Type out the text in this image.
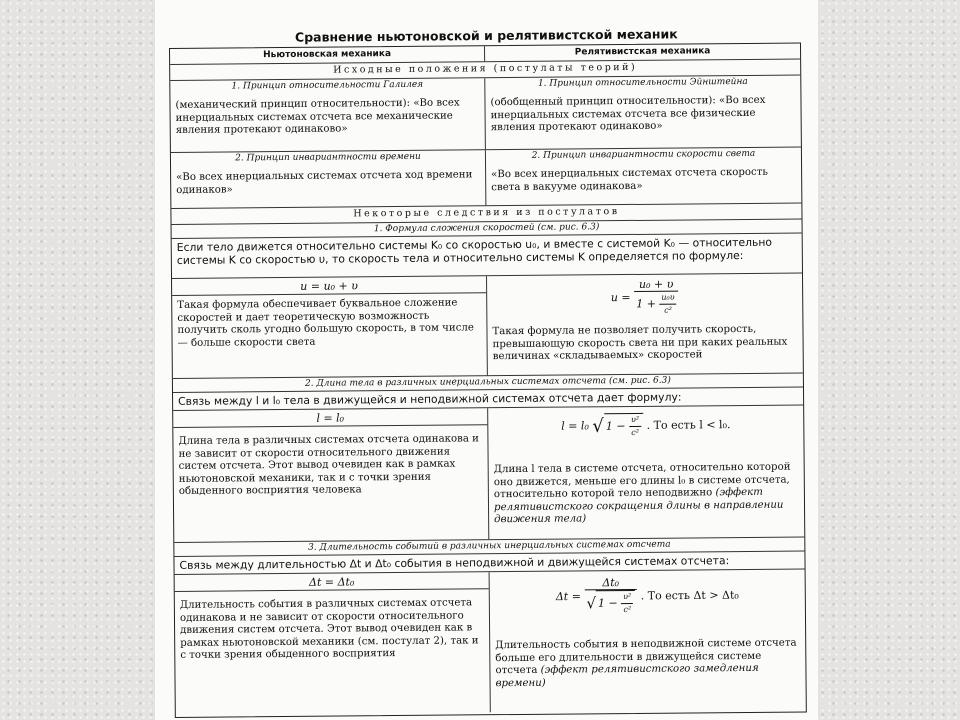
Сравнение ньютоновской и релятивистской механик
Ньютоновская механика	Релятивистская механика
Исходные положения (постулаты теорий)
1. Принцип относительности Галилея
(механический принцип относительности): «Во всех инерциальных системах отсчета все механические явления протекают одинаково»
1. Принцип относительности Эйнштейна
(обобщенный принцип относительности): «Во всех инерциальных системах отсчета все физические явления протекают одинаково»
2. Принцип инвариантности времени
«Во всех инерциальных системах отсчета ход времени одинаков»
2. Принцип инвариантности скорости света
«Во всех инерциальных системах отсчета скорость света в вакууме одинакова»
Некоторые следствия из постулатов
1. Формула сложения скоростей (см. рис. 6.3)
Если тело движется относительно системы K₀ со скоростью u₀, и вместе с системой K₀ — относительно системы K со скоростью υ, то скорость тела и относительно системы K определяется по формуле:
u = u₀ + υ
Такая формула обеспечивает буквальное сложение скоростей и дает теоретическую возможность получить сколь угодно большую скорость, в том числе — больше скорости света
$u = \frac{\text{u₀ + υ}}{1 + \frac{\text{u₀υ}}{\text{c²}}}$
Такая формула не позволяет получить скорость, превышающую скорость света ни при каких реальных величинах «складываемых» скоростей
2. Длина тела в различных инерциальных системах отсчета (см. рис. 6.3)
Связь между l и l₀ тела в движущейся и неподвижной системах отсчета дает формулу:
l = l₀
Длина тела в различных системах отсчета одинакова и не зависит от скорости относительного движения систем отсчета. Этот вывод очевиден как в рамках ньютоновской механики, так и с точки зрения обыденного восприятия человека
l = l₀ √ $1 - \frac{\text{υ²}}{\text{c²}}$ . То есть l < l₀.
Длина l тела в системе отсчета, относительно которой оно движется, меньше его длины l₀ в системе отсчета, относительно которой тело неподвижно (эффект релятивистского сокращения длины в направлении движения тела)
3. Длительность событий в различных инерциальных системах отсчета
Связь между длительностью Δt и Δt₀ события в неподвижной и движущейся системах отсчета:
Δt = Δt₀
Длительность события в различных системах отсчета одинакова и не зависит от скорости относительного движения систем отсчета. Этот вывод очевиден как в рамках ньютоновской механики (см. постулат 2), так и с точки зрения обыденного восприятия
Δt =
Δt₀
√ $1 - \frac{\text{υ²}}{\text{c²}}$ . То есть Δt > Δt₀
Длительность события в неподвижной системе отсчета больше его длительности в движущейся системе отсчета (эффект релятивистского замедления времени)
